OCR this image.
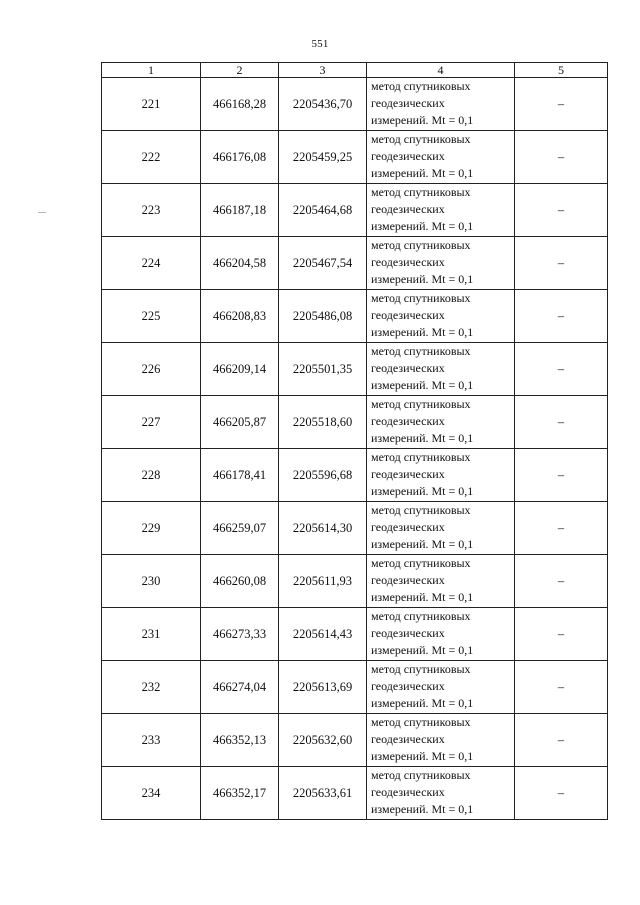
551
1	2	3	4	5
221	466168,28	2205436,70	метод спутниковых
геодезических
измерений. Mt = 0,1	–
222	466176,08	2205459,25	метод спутниковых
геодезических
измерений. Mt = 0,1	–
223	466187,18	2205464,68	метод спутниковых
геодезических
измерений. Mt = 0,1	–
224	466204,58	2205467,54	метод спутниковых
геодезических
измерений. Mt = 0,1	–
225	466208,83	2205486,08	метод спутниковых
геодезических
измерений. Mt = 0,1	–
226	466209,14	2205501,35	метод спутниковых
геодезических
измерений. Mt = 0,1	–
227	466205,87	2205518,60	метод спутниковых
геодезических
измерений. Mt = 0,1	–
228	466178,41	2205596,68	метод спутниковых
геодезических
измерений. Mt = 0,1	–
229	466259,07	2205614,30	метод спутниковых
геодезических
измерений. Mt = 0,1	–
230	466260,08	2205611,93	метод спутниковых
геодезических
измерений. Mt = 0,1	–
231	466273,33	2205614,43	метод спутниковых
геодезических
измерений. Mt = 0,1	–
232	466274,04	2205613,69	метод спутниковых
геодезических
измерений. Mt = 0,1	–
233	466352,13	2205632,60	метод спутниковых
геодезических
измерений. Mt = 0,1	–
234	466352,17	2205633,61	метод спутниковых
геодезических
измерений. Mt = 0,1	–
